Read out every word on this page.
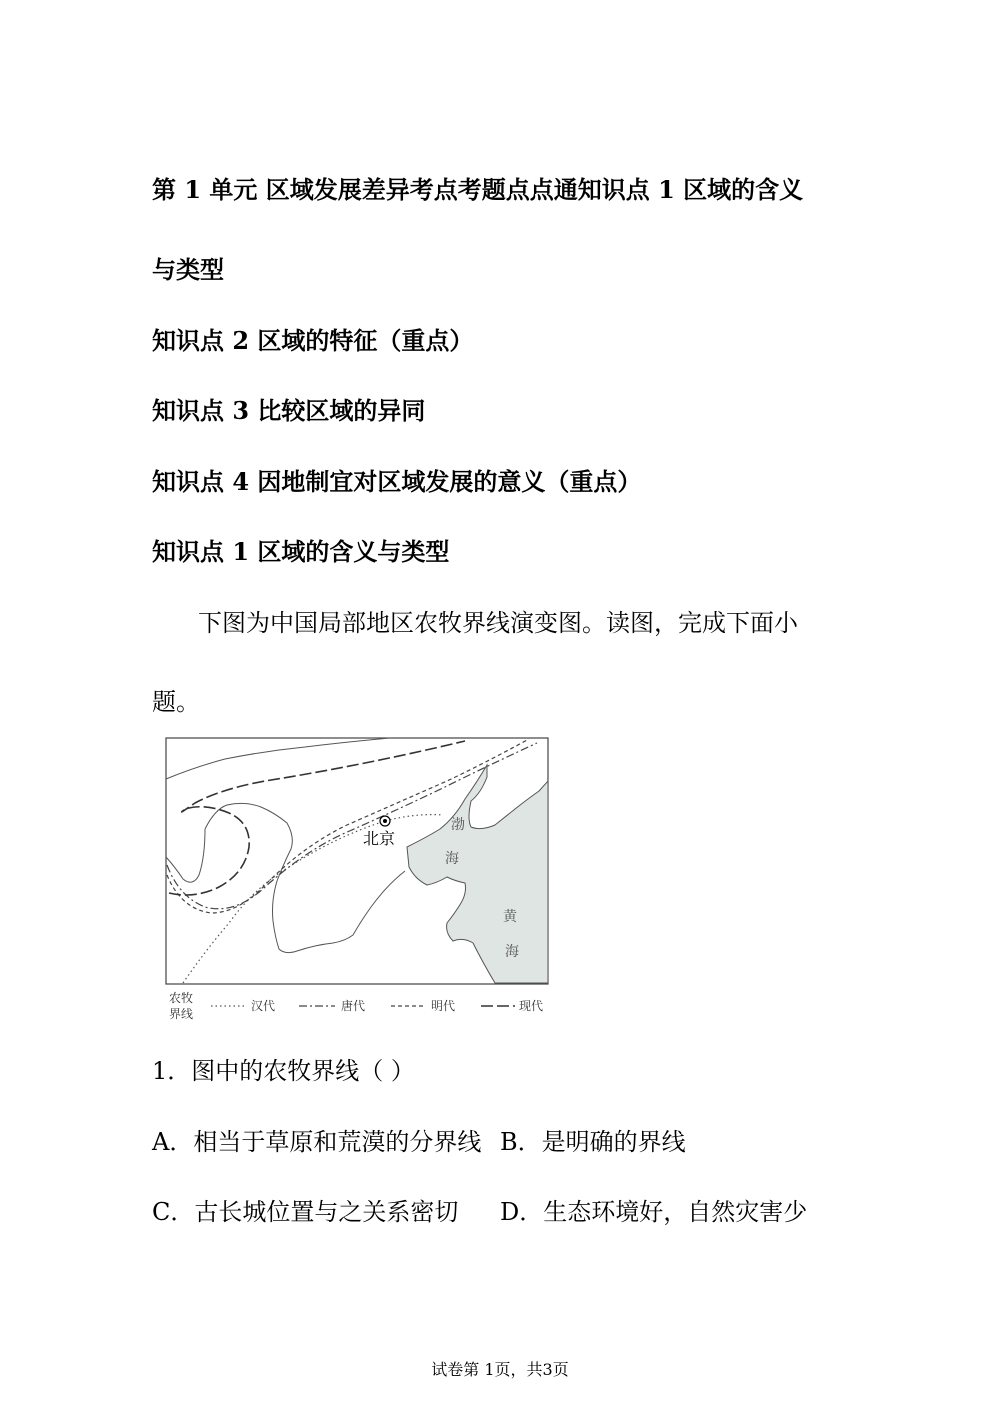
第 1 单元 区域发展差异考点考题点点通知识点 1 区域的含义
与类型
知识点 2 区域的特征（重点）
知识点 3 比较区域的异同
知识点 4 因地制宜对区域发展的意义（重点）
知识点 1 区域的含义与类型
下图为中国局部地区农牧界线演变图。读图，完成下面小
题。
北京
渤
海
黄
海
农牧
界线
汉代	唐代	明代	现代
1．图中的农牧界线（ ）
A．相当于草原和荒漠的分界线 B．是明确的界线
C．古长城位置与之关系密切 D．生态环境好，自然灾害少
试卷第 1页，共3页
